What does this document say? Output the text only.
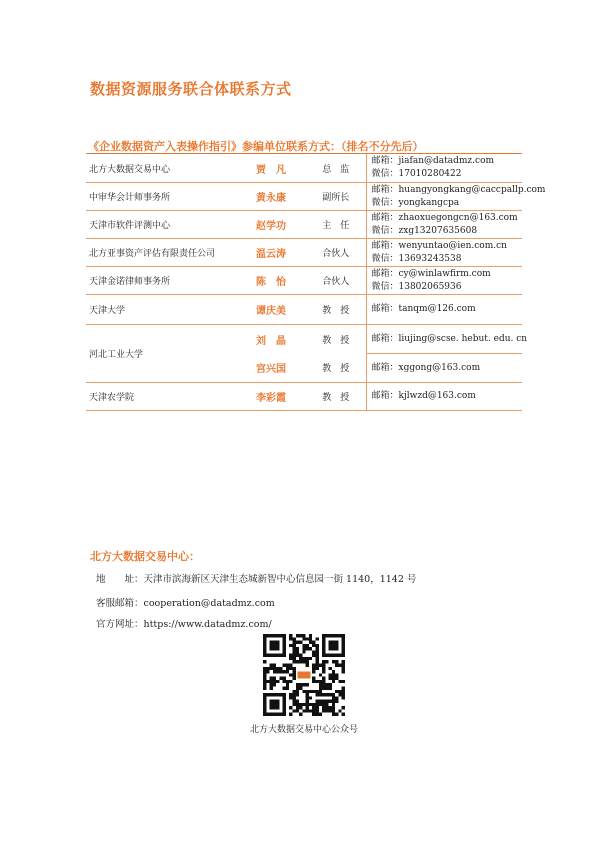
数据资源服务联合体联系方式
《企业数据资产入表操作指引》参编单位联系方式：（排名不分先后）
北方大数据交易中心	贾　凡	总　监	邮箱：jiafan@datadmz.com
微信：17010280422

中审华会计师事务所	黄永康	副所长	邮箱：huangyongkang@caccpallp.com
微信：yongkangcpa

天津市软件评测中心	赵学功	主　任	邮箱：zhaoxuegongcn@163.com
微信：zxg13207635608

北方亚事资产评估有限责任公司	温云涛	合伙人	邮箱：wenyuntao@ien.com.cn
微信：13693243538

天津金诺律师事务所	陈　怡	合伙人	邮箱：cy@winlawfirm.com
微信：13802065936

天津大学	谭庆美	教　授	邮箱：tanqm@126.com

河北工业大学	刘　晶	教　授	邮箱：liujing@scse. hebut. edu. cn

	宫兴国	教　授	邮箱：xggong@163.com

天津农学院	李彩霞	教　授	邮箱：kjlwzd@163.com
北方大数据交易中心：
地　　址：天津市滨海新区天津生态城新智中心信息园一街 1140，1142 号
客服邮箱：cooperation@datadmz.com
官方网址：https://www.datadmz.com/
北方大数据交易中心公众号
